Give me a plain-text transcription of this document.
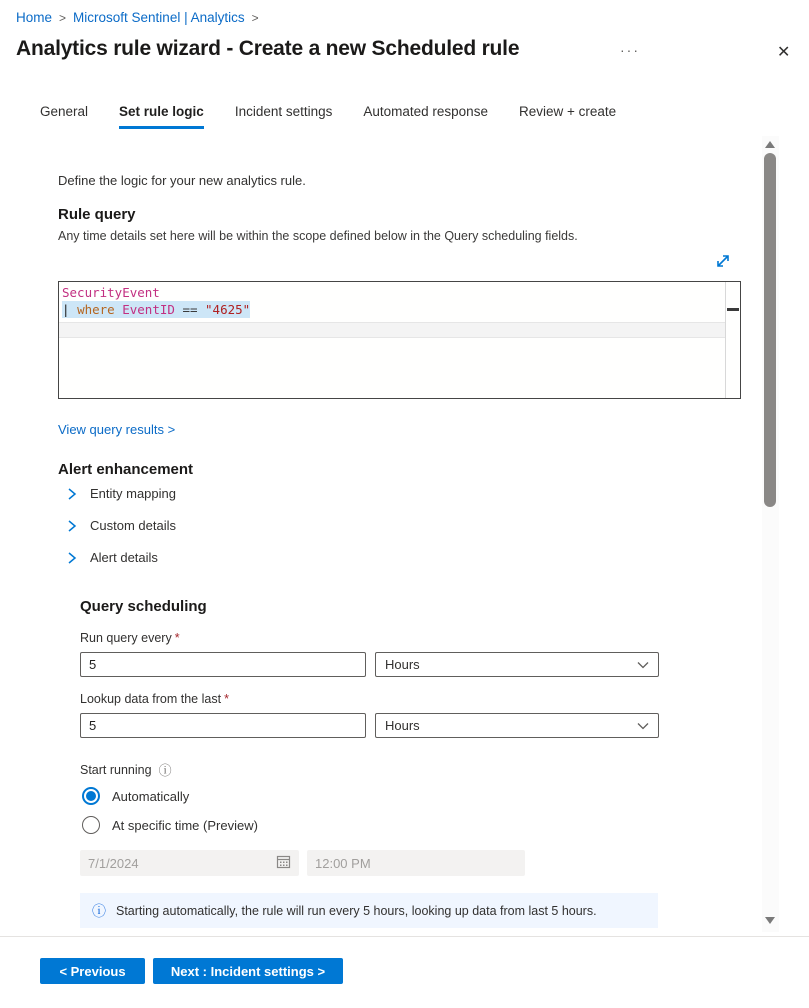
Home > Microsoft Sentinel | Analytics >
Analytics rule wizard - Create a new Scheduled rule	···	✕
General Set rule logic Incident settings Automated response Review + create
Define the logic for your new analytics rule.
Rule query
Any time details set here will be within the scope defined below in the Query scheduling fields.
SecurityEvent
| where EventID == "4625"
View query results >
Alert enhancement
Entity mapping
Custom details
Alert details
Query scheduling
Run query every *
5
Hours
Lookup data from the last *
5
Hours
Start running ⓘ
Automatically
At specific time (Preview)
7/1/2024	12:00 PM
ⓘ Starting automatically, the rule will run every 5 hours, looking up data from last 5 hours.
< Previous	Next : Incident settings >
